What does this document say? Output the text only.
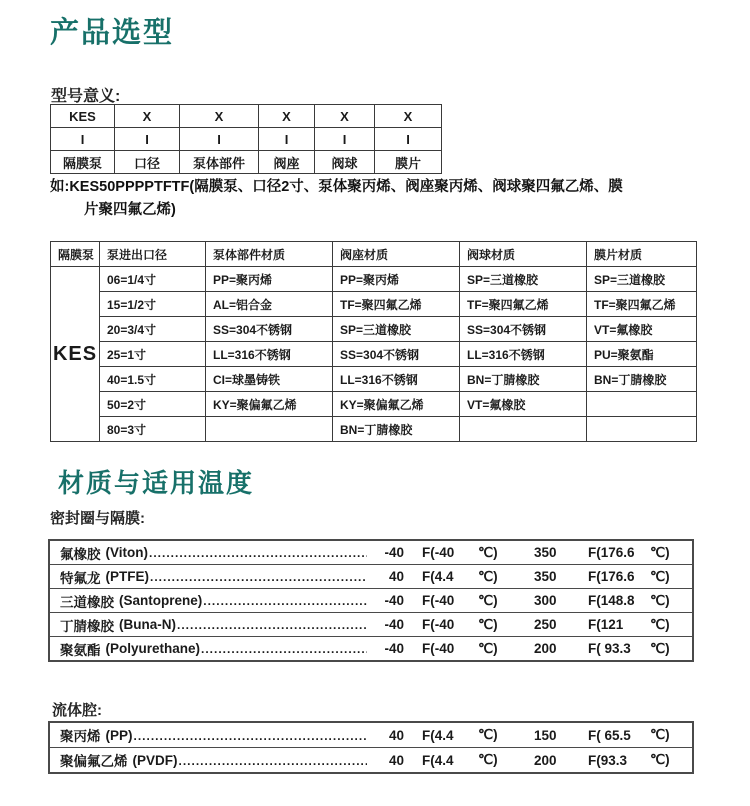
产品选型
型号意义:
KES	X	X	X	X	X
I	I	I	I	I	I
隔膜泵	口径	泵体部件	阀座	阀球	膜片
如:KES50PPPPTFTF(隔膜泵、口径2寸、泵体聚丙烯、阀座聚丙烯、阀球聚四氟乙烯、膜
片聚四氟乙烯)
隔膜泵	泵进出口径	泵体部件材质	阀座材质	阀球材质	膜片材质
KES	06=1/4寸	PP=聚丙烯	PP=聚丙烯	SP=三道橡胶	SP=三道橡胶
	15=1/2寸	AL=铝合金	TF=聚四氟乙烯	TF=聚四氟乙烯	TF=聚四氟乙烯
	20=3/4寸	SS=304不锈钢	SP=三道橡胶	SS=304不锈钢	VT=氟橡胶
	25=1寸	LL=316不锈钢	SS=304不锈钢	LL=316不锈钢	PU=聚氨酯
	40=1.5寸	CI=球墨铸铁	LL=316不锈钢	BN=丁腈橡胶	BN=丁腈橡胶
	50=2寸	KY=聚偏氟乙烯	KY=聚偏氟乙烯	VT=氟橡胶	
	80=3寸		BN=丁腈橡胶		
材质与适用温度
密封圈与隔膜:
氟橡胶 (Viton) .....	-40 F(-40	℃)	350	F(176.6	℃)
特氟龙 (PTFE) .....	40 F(4.4	℃)	350	F(176.6	℃)
三道橡胶 (Santoprene) .....	-40 F(-40	℃)	300	F(148.8	℃)
丁腈橡胶 (Buna-N) .....	-40 F(-40	℃)	250	F(121	℃)
聚氨酯 (Polyurethane) .....	-40 F(-40	℃)	200	F( 93.3	℃)
流体腔:
聚丙烯 (PP) .....	40 F(4.4	℃)	150	F( 65.5	℃)
聚偏氟乙烯 (PVDF) .....	40 F(4.4	℃)	200	F(93.3	℃)
